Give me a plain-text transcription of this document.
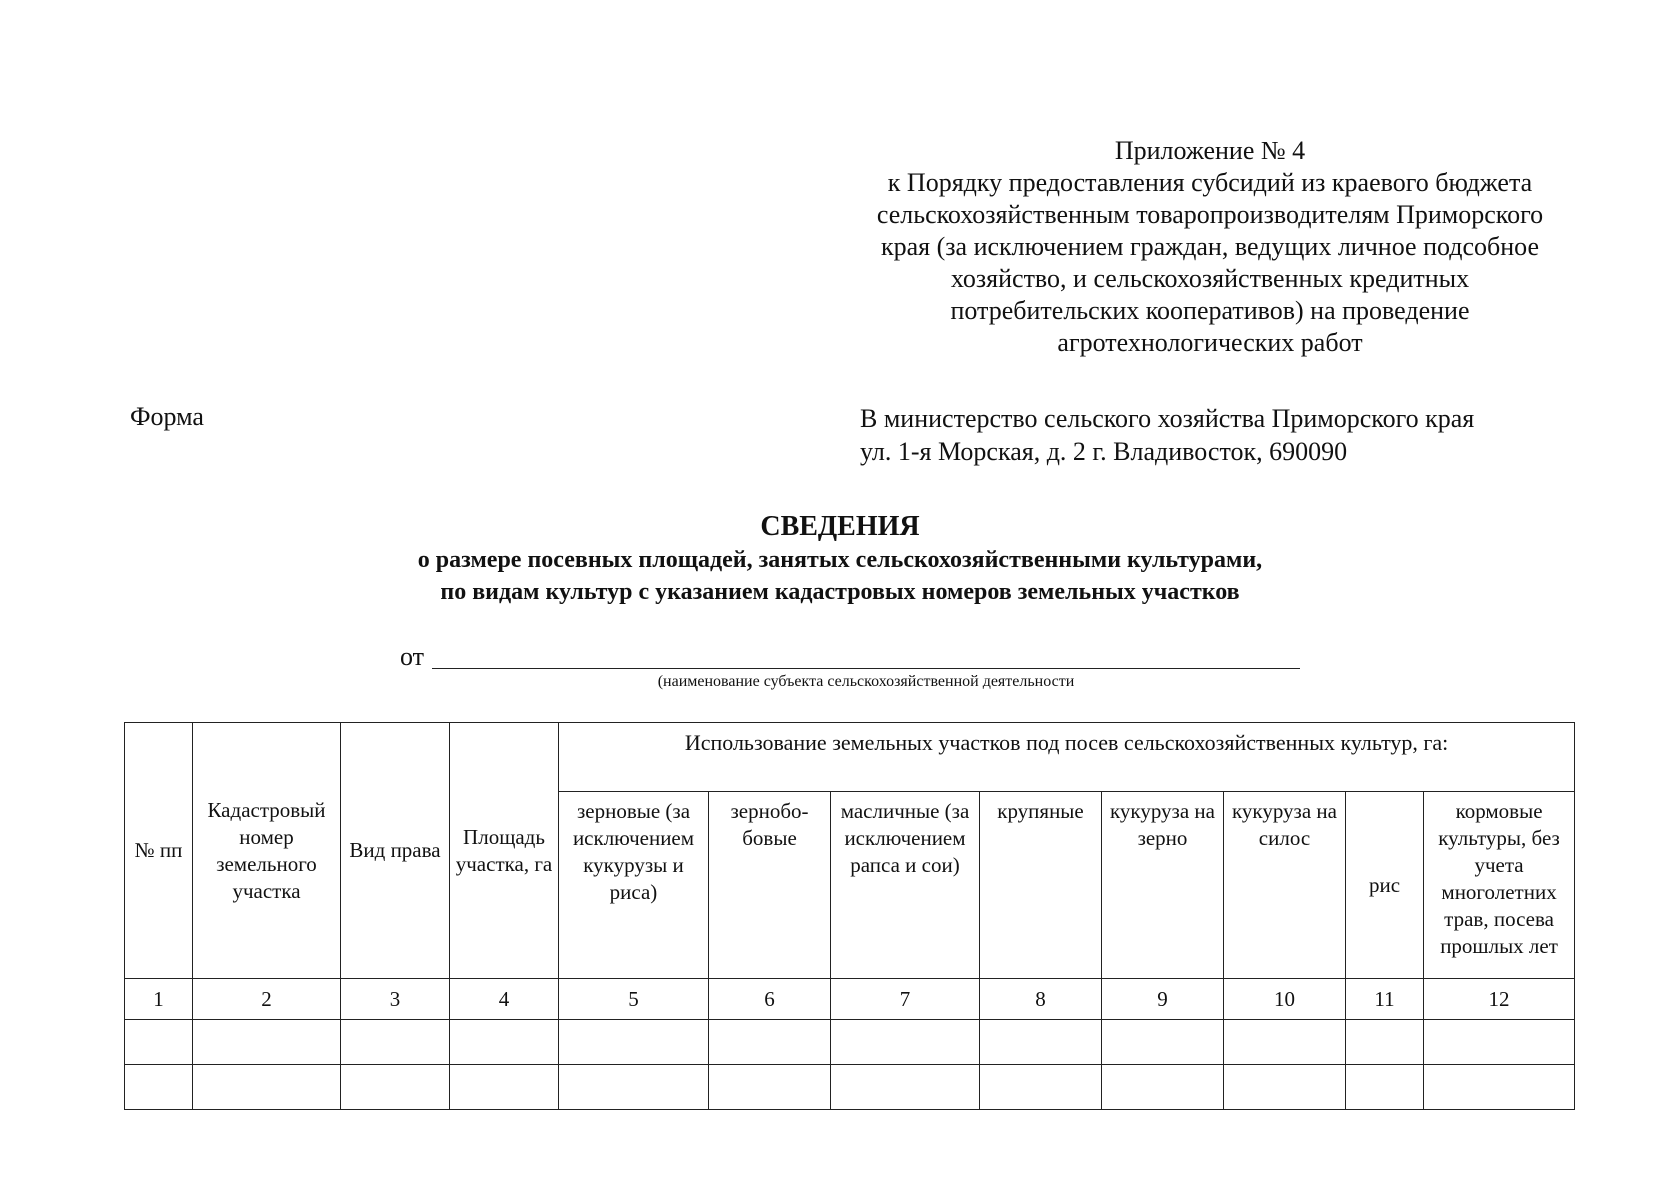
Приложение № 4
к Порядку предоставления субсидий из краевого бюджета
сельскохозяйственным товаропроизводителям Приморского
края (за исключением граждан, ведущих личное подсобное
хозяйство, и сельскохозяйственных кредитных
потребительских кооперативов) на проведение
агротехнологических работ
Форма	В министерство сельского хозяйства Приморского края
ул. 1-я Морская, д. 2 г. Владивосток, 690090
СВЕДЕНИЯ
о размере посевных площадей, занятых сельскохозяйственными культурами,
по видам культур с указанием кадастровых номеров земельных участков
от
(наименование субъекта сельскохозяйственной деятельности
№ пп	Кадастровый номер земельного участка	Вид права	Площадь участка, га	Использование земельных участков под посев сельскохозяйственных культур, га:							
				зерновые (за исключением кукурузы и риса)	зернобо-бовые	масличные (за исключением рапса и сои)	крупяные	кукуруза на зерно	кукуруза на силос	рис	кормовые культуры, без учета многолетних трав, посева прошлых лет
1	2	3	4	5	6	7	8	9	10	11	12
